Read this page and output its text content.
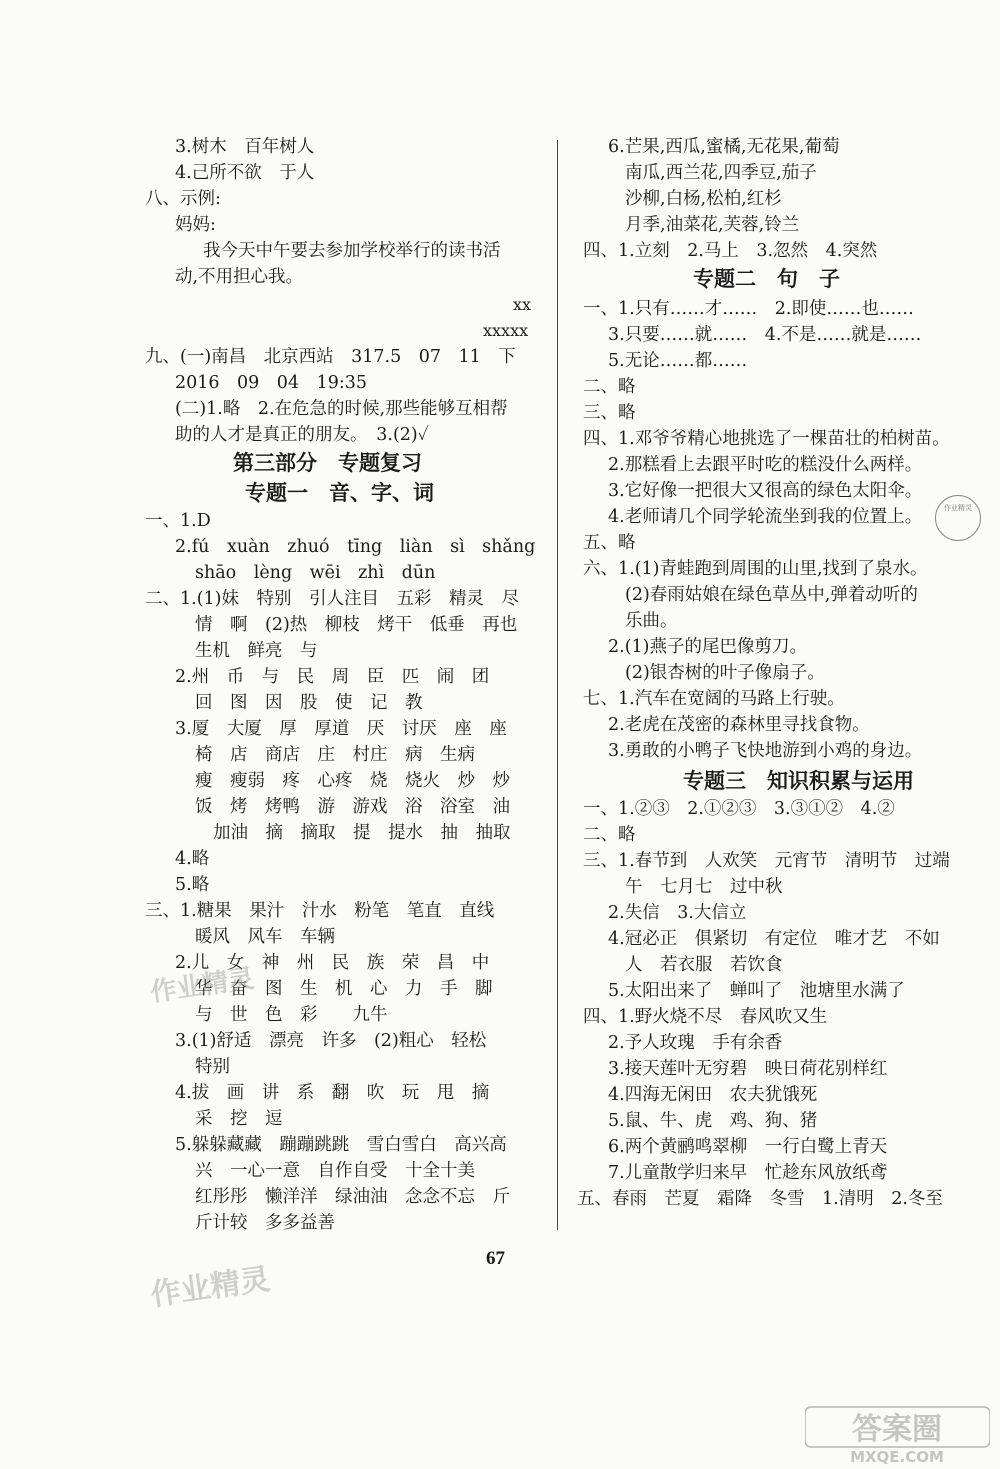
3.树木　百年树人
4.己所不欲　于人
八、示例:
妈妈:
我今天中午要去参加学校举行的读书活
动,不用担心我。
xx
xxxxx
九、(一)南昌　北京西站　317.5　07　11　下
2016　09　04　19:35
(二)1.略　2.在危急的时候,那些能够互相帮
助的人才是真正的朋友。　3.(2)✓
第三部分　专题复习
专题一　音、字、词
一、1.D
2.fú　xuàn　zhuó　tīng　liàn　sì　shǎng
shāo　lèng　wēi　zhì　dūn
二、1.(1)妹　特别　引人注目　五彩　精灵　尽
情　啊　(2)热　柳枝　烤干　低垂　再也
生机　鲜亮　与
2.州　币　与　民　周　臣　匹　闹　团
回　图　因　股　使　记　教
3.厦　大厦　厚　厚道　厌　讨厌　座　座
椅　店　商店　庄　村庄　病　生病
瘦　瘦弱　疼　心疼　烧　烧火　炒　炒
饭　烤　烤鸭　游　游戏　浴　浴室　油
加油　摘　摘取　提　提水　抽　抽取
4.略
5.略
三、1.糖果　果汁　汁水　粉笔　笔直　直线
暖风　风车　车辆
2.儿　女　神　州　民　族　荣　昌　中
华　奋　图　生　机　心　力　手　脚
与　世　色　彩　　九牛
3.(1)舒适　漂亮　许多　(2)粗心　轻松
特别
4.拔　画　讲　系　翻　吹　玩　甩　摘
采　挖　逗
5.躲躲藏藏　蹦蹦跳跳　雪白雪白　高兴高
兴　一心一意　自作自受　十全十美
红彤彤　懒洋洋　绿油油　念念不忘　斤
斤计较　多多益善
6.芒果,西瓜,蜜橘,无花果,葡萄
南瓜,西兰花,四季豆,茄子
沙柳,白杨,松柏,红杉
月季,油菜花,芙蓉,铃兰
四、1.立刻　2.马上　3.忽然　4.突然
专题二　句　子
一、1.只有……才……　2.即使……也……
3.只要……就……　4.不是……就是……
5.无论……都……
二、略
三、略
四、1.邓爷爷精心地挑选了一棵苗壮的柏树苗。
2.那糕看上去跟平时吃的糕没什么两样。
3.它好像一把很大又很高的绿色太阳伞。
4.老师请几个同学轮流坐到我的位置上。
五、略
六、1.(1)青蛙跑到周围的山里,找到了泉水。
(2)春雨姑娘在绿色草丛中,弹着动听的
乐曲。
2.(1)燕子的尾巴像剪刀。
(2)银杏树的叶子像扇子。
七、1.汽车在宽阔的马路上行驶。
2.老虎在茂密的森林里寻找食物。
3.勇敢的小鸭子飞快地游到小鸡的身边。
专题三　知识积累与运用
一、1.②③　2.①②③　3.③①②　4.②
二、略
三、1.春节到　人欢笑　元宵节　清明节　过端
午　七月七　过中秋
2.失信　3.大信立
4.冠必正　俱紧切　有定位　唯才艺　不如
人　若衣服　若饮食
5.太阳出来了　蝉叫了　池塘里水满了
四、1.野火烧不尽　春风吹又生
2.予人玫瑰　手有余香
3.接天莲叶无穷碧　映日荷花别样红
4.四海无闲田　农夫犹饿死
5.鼠、牛、虎　鸡、狗、猪
6.两个黄鹂鸣翠柳　一行白鹭上青天
7.儿童散学归来早　忙趁东风放纸鸢
五、春雨　芒夏　霜降　冬雪　1.清明　2.冬至
67
作业精灵
作业精灵
作业精灵
答案圈
MXQE.COM
